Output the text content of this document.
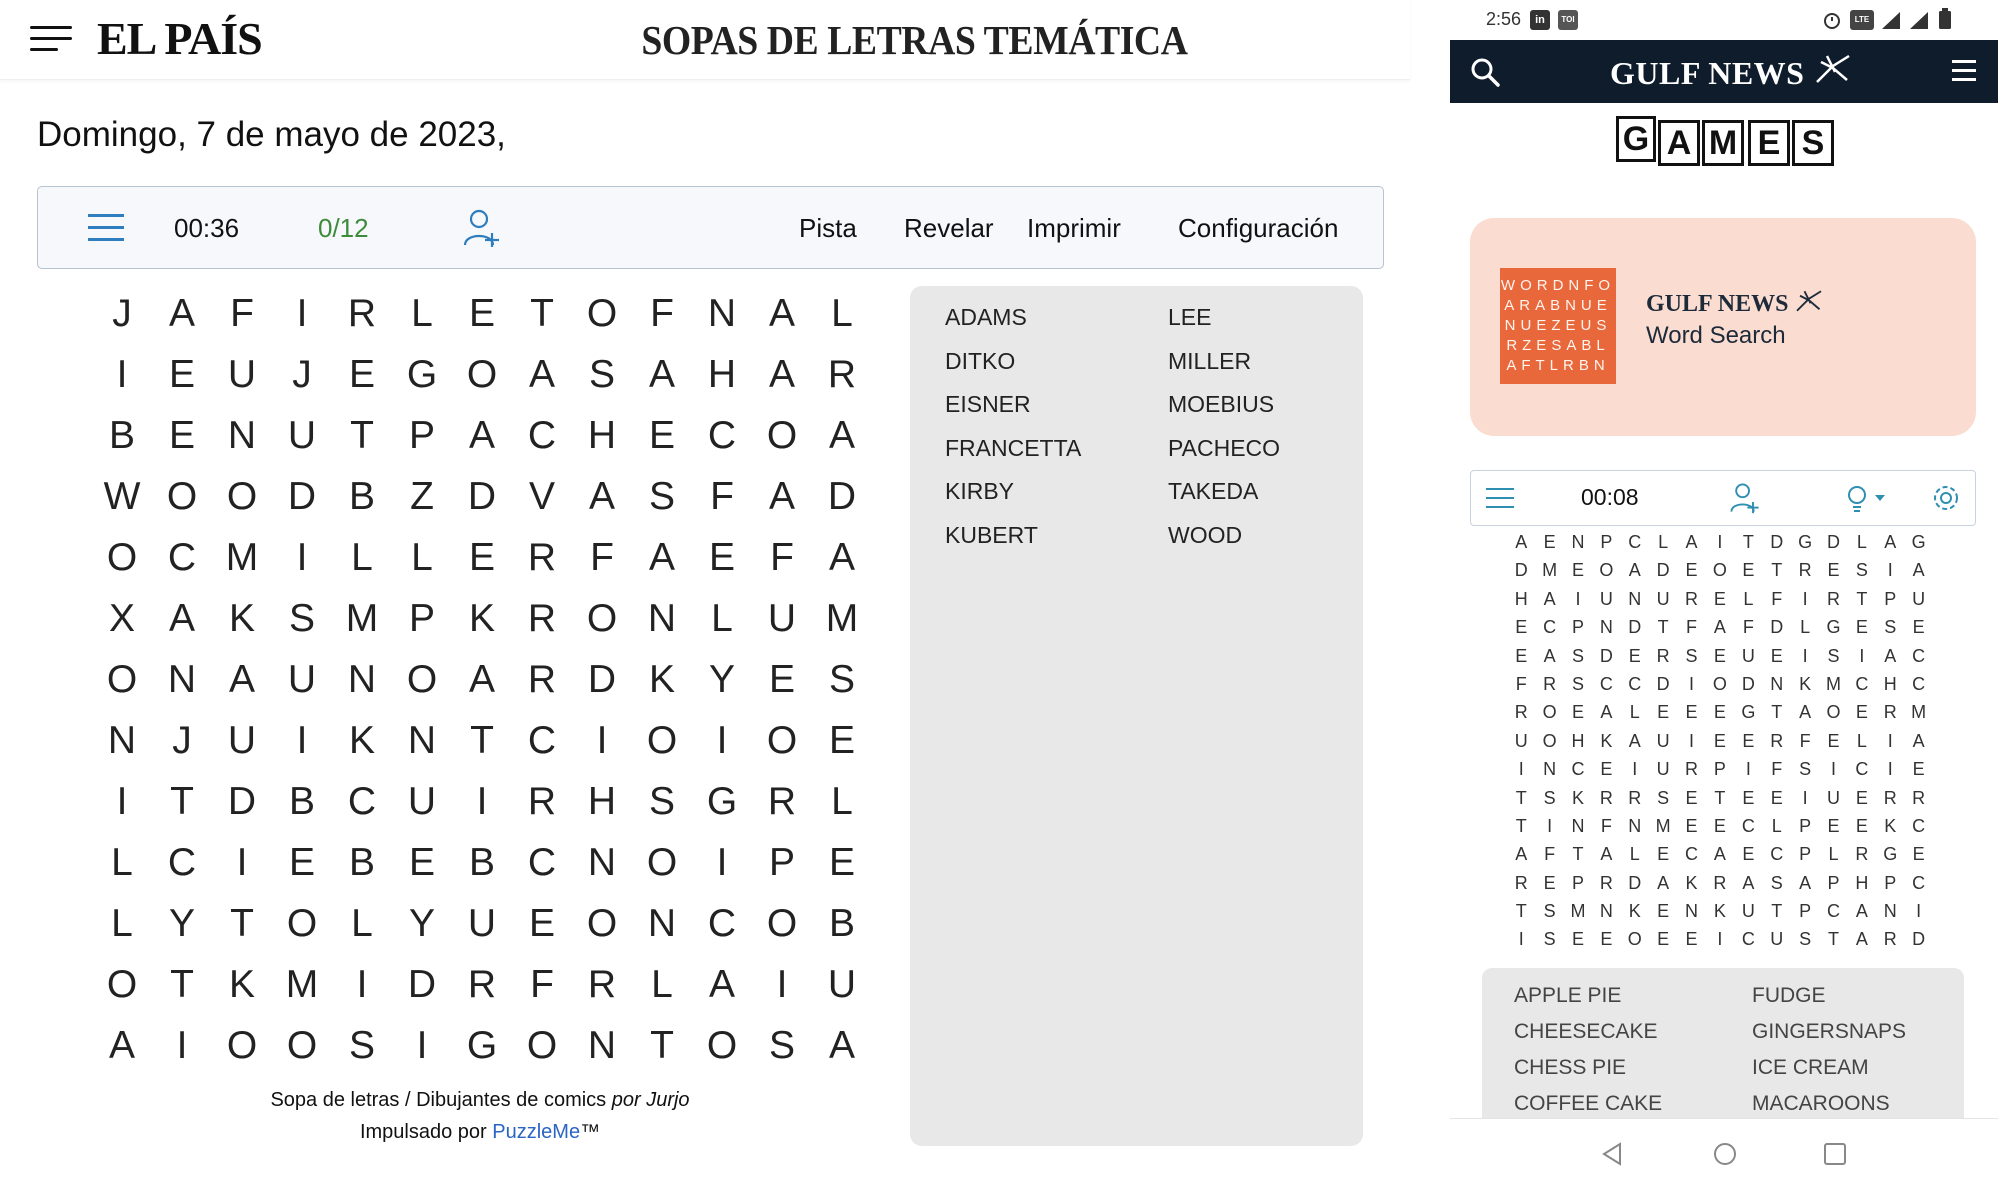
EL PAÍS	SOPAS DE LETRAS TEMÁTICA
Domingo, 7 de mayo de 2023,
00:36	0/12	Pista Revelar Imprimir Configuración
J A F	I	R L E T O F N A L
I	E U J E G O A S A H A R
B E N U T P A C H E C O A
W O O D B Z D V A S F A D
O C M I	L L E R F A E F A
X A K S M P K R O N L U M
O N A U N O A R D K Y E S
N J U	I	K N T C	I	O	I	O E
I	T D B C U	I	R H S G R L
L C	I	E B E B C N O	I	P E
L Y T O L Y U E O N C O B
O T K M I	D R F R L A	I	U
A	I	O O S	I	G O N T O S A
Sopa de letras / Dibujantes de comics por Jurjo
Impulsado por PuzzleMe™
ADAMS
DITKO
EISNER
FRANCETTA
KIRBY
KUBERT
LEE
MILLER
MOEBIUS
PACHECO
TAKEDA
WOOD
2:56	in	TOI	LTE
GULF NEWS
G A M E S
WORDNFO
ARABNUE
NUEZEUS
RZESABL
AFTLRBN
GULF NEWS
Word Search
00:08
A E N P C L A	I	T D G D L A G
D M E O A D E O E T R E S	I	A
H A	I	U N U R E L F	I	R T P U
E C P N D T F A F D L G E S E
E A S D E R S E U E	I	S	I	A C
F R S C C D	I	O D N K M C H C
R O E A L E E E G T A O E R M
U O H K A U	I	E E R F E L	I	A
I	N C E	I	U R P	I	F S	I	C	I	E
T S K R R S E T E E	I	U E R R
T	I	N F N M E E C L P E E K C
A F T A L E C A E C P L R G E
R E P R D A K R A S A P H P C
T S M N K E N K U T P C A N	I
I	S E E O E E	I	C U S T A R D
APPLE PIE
CHEESECAKE
CHESS PIE
COFFEE CAKE
FUDGE
GINGERSNAPS
ICE CREAM
MACAROONS
